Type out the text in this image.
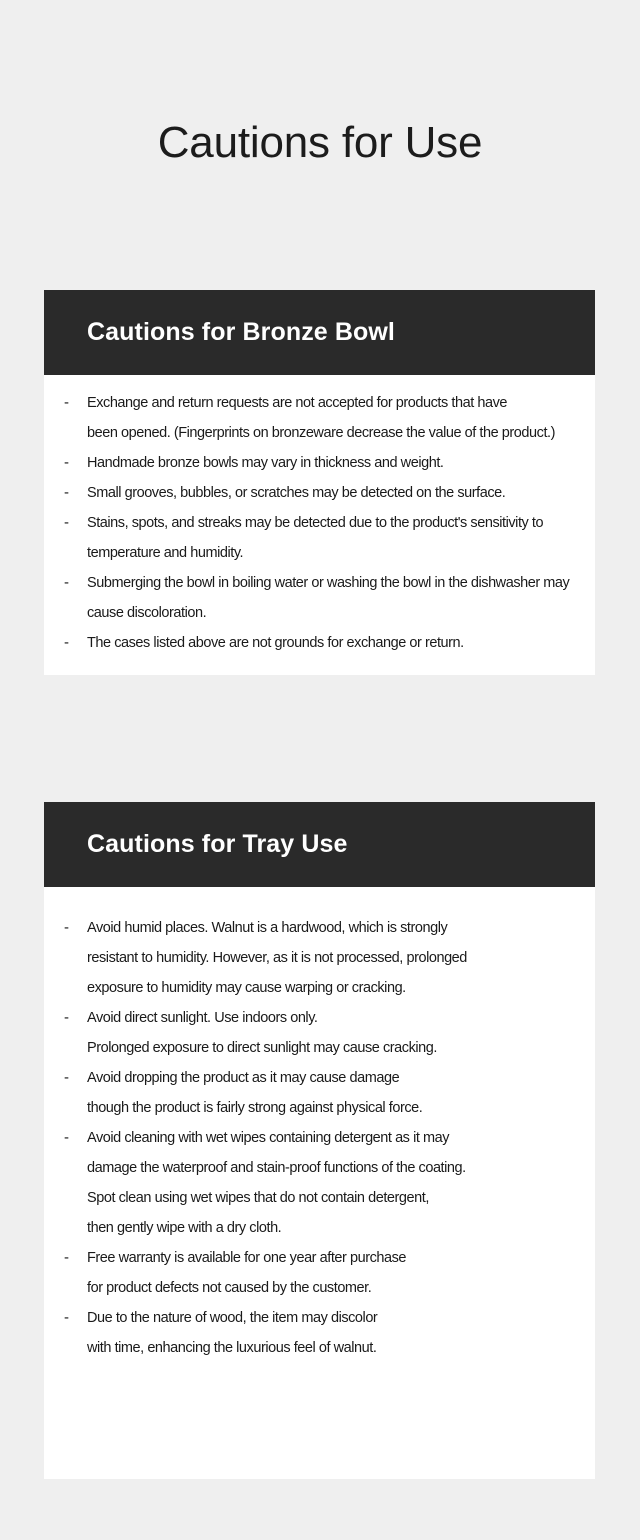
Cautions for Use
Cautions for Bronze Bowl
- Exchange and return requests are not accepted for products that have
been opened. (Fingerprints on bronzeware decrease the value of the product.)
- Handmade bronze bowls may vary in thickness and weight.
- Small grooves, bubbles, or scratches may be detected on the surface.
- Stains, spots, and streaks may be detected due to the product's sensitivity to
temperature and humidity.
- Submerging the bowl in boiling water or washing the bowl in the dishwasher may
cause discoloration.
- The cases listed above are not grounds for exchange or return.
Cautions for Tray Use
- Avoid humid places. Walnut is a hardwood, which is strongly
resistant to humidity. However, as it is not processed, prolonged
exposure to humidity may cause warping or cracking.
- Avoid direct sunlight. Use indoors only.
Prolonged exposure to direct sunlight may cause cracking.
- Avoid dropping the product as it may cause damage
though the product is fairly strong against physical force.
- Avoid cleaning with wet wipes containing detergent as it may
damage the waterproof and stain-proof functions of the coating.
Spot clean using wet wipes that do not contain detergent,
then gently wipe with a dry cloth.
- Free warranty is available for one year after purchase
for product defects not caused by the customer.
- Due to the nature of wood, the item may discolor
with time, enhancing the luxurious feel of walnut.
